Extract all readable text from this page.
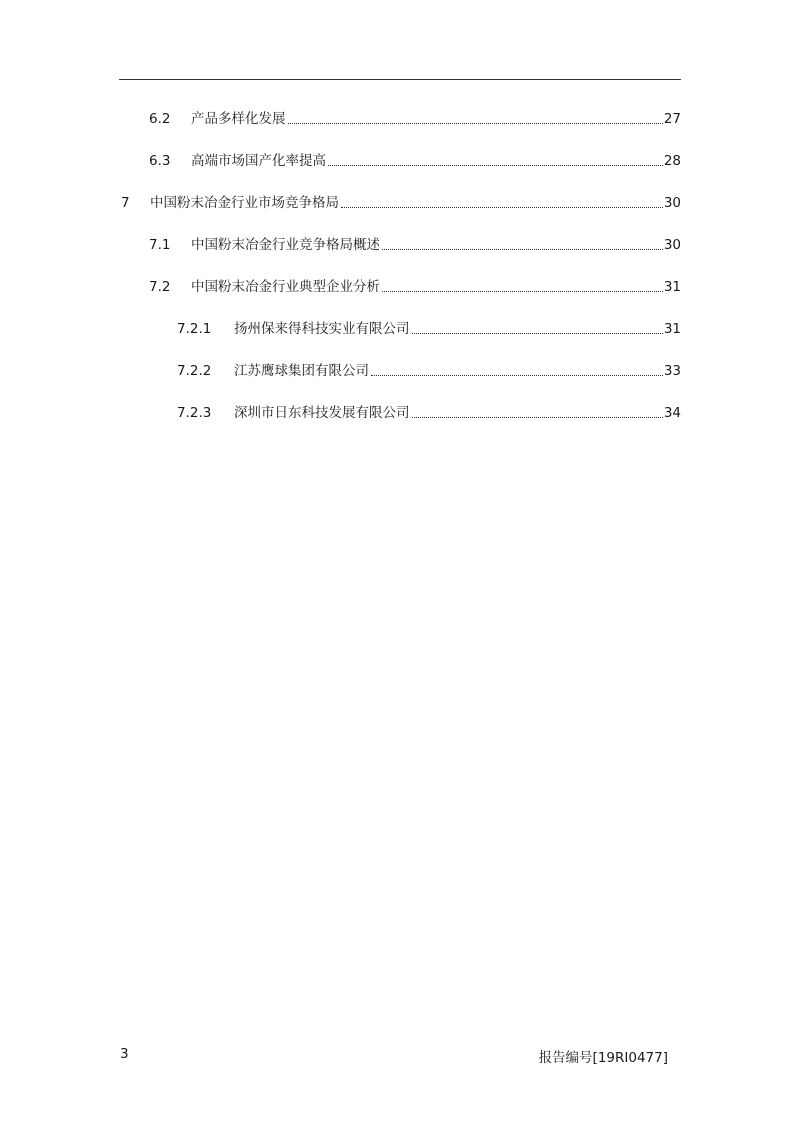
6.2	产品多样化发展	27
6.3	高端市场国产化率提高	28
7	中国粉末冶金行业市场竞争格局	30
7.1	中国粉末冶金行业竞争格局概述	30
7.2	中国粉末冶金行业典型企业分析	31
7.2.1	扬州保来得科技实业有限公司	31
7.2.2	江苏鹰球集团有限公司	33
7.2.3	深圳市日东科技发展有限公司	34
3	报告编号[19RI0477]
